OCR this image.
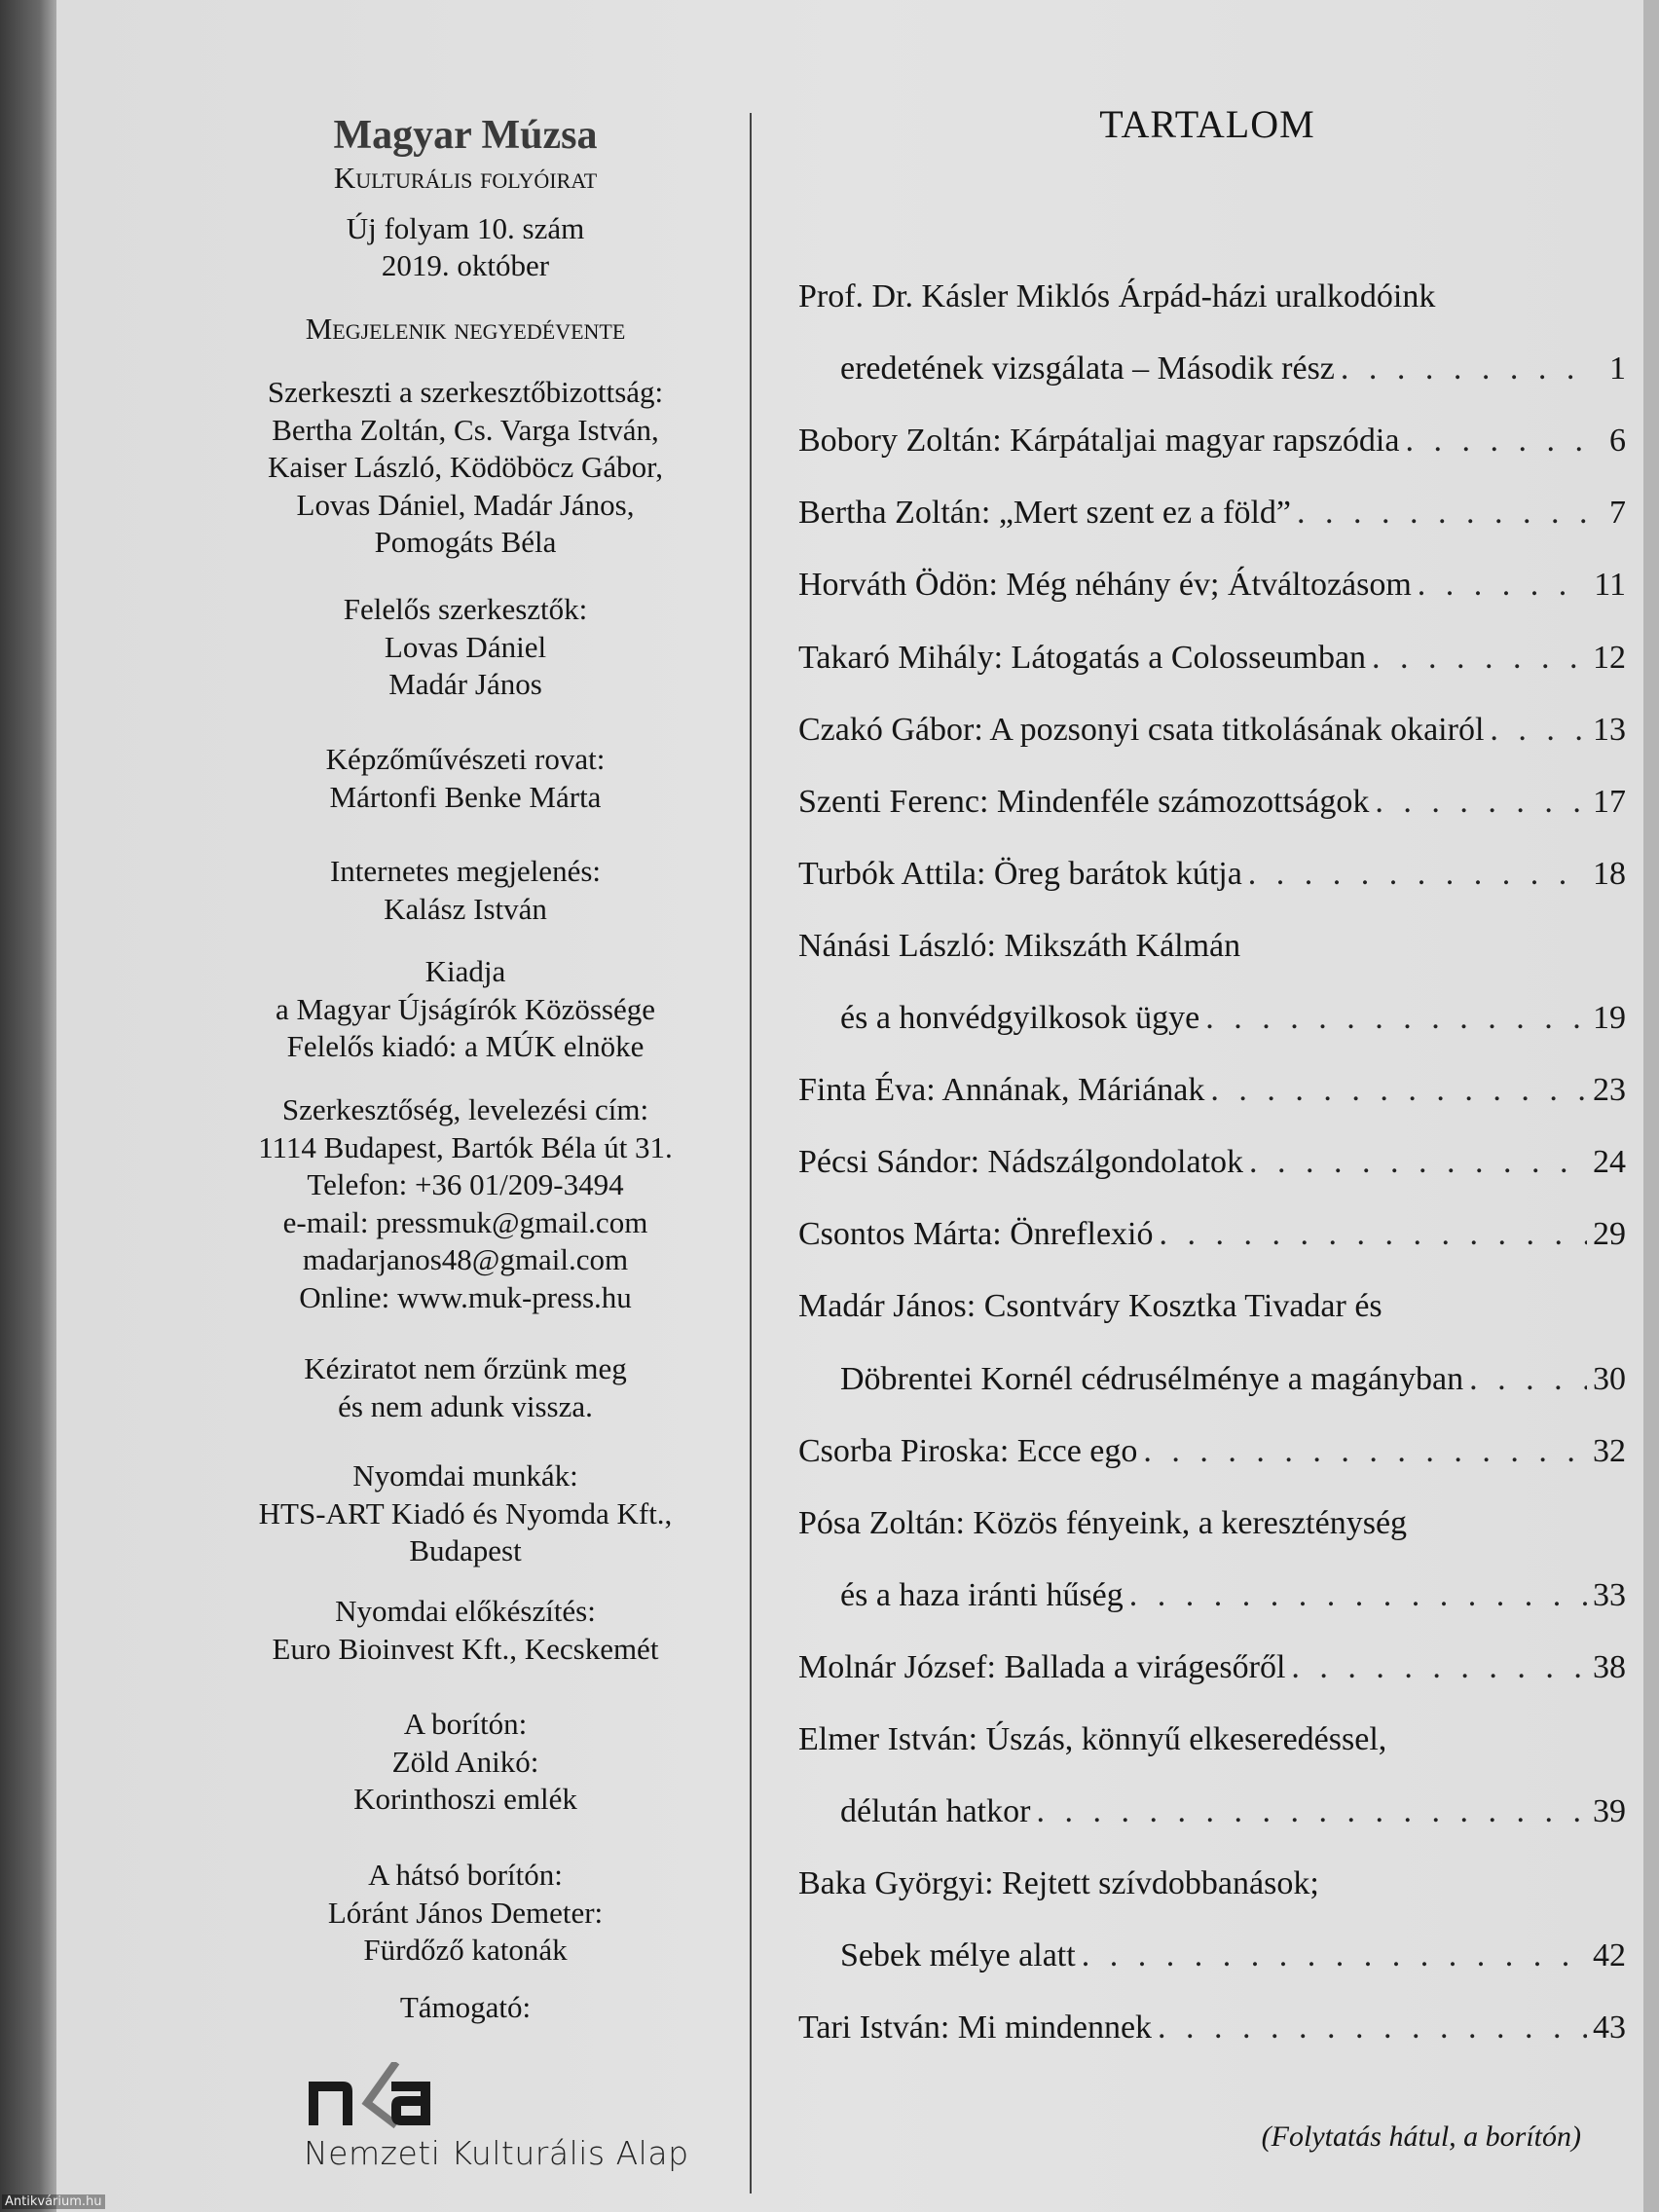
Magyar Múzsa
Kulturális folyóirat
Új folyam 10. szám
2019. október
Megjelenik negyedévente
Szerkeszti a szerkesztőbizottság:
Bertha Zoltán, Cs. Varga István,
Kaiser László, Ködöböcz Gábor,
Lovas Dániel, Madár János,
Pomogáts Béla
Felelős szerkesztők:
Lovas Dániel
Madár János
Képzőművészeti rovat:
Mártonfi Benke Márta
Internetes megjelenés:
Kalász István
Kiadja
a Magyar Újságírók Közössége
Felelős kiadó: a MÚK elnöke
Szerkesztőség, levelezési cím:
1114 Budapest, Bartók Béla út 31.
Telefon: +36 01/209-3494
e-mail: pressmuk@gmail.com
madarjanos48@gmail.com
Online: www.muk-press.hu
Kéziratot nem őrzünk meg
és nem adunk vissza.
Nyomdai munkák:
HTS-ART Kiadó és Nyomda Kft.,
Budapest
Nyomdai előkészítés:
Euro Bioinvest Kft., Kecskemét
A borítón:
Zöld Anikó:
Korinthoszi emlék
A hátsó borítón:
Lóránt János Demeter:
Fürdőző katonák
Támogató:
Nemzeti Kulturális Alap
TARTALOM
Prof. Dr. Kásler Miklós Árpád-házi uralkodóink
eredetének vizsgálata – Második rész . . .	1
Bobory Zoltán: Kárpátaljai magyar rapszódia . . .	6
Bertha Zoltán: „Mert szent ez a föld” . . .	7
Horváth Ödön: Még néhány év; Átváltozásom . . .	11
Takaró Mihály: Látogatás a Colosseumban . . .	12
Czakó Gábor: A pozsonyi csata titkolásának okairól . . .	13
Szenti Ferenc: Mindenféle számozottságok . . .	17
Turbók Attila: Öreg barátok kútja . . .	18
Nánási László: Mikszáth Kálmán
és a honvédgyilkosok ügye . . .	19
Finta Éva: Annának, Máriának . . .	23
Pécsi Sándor: Nádszálgondolatok . . .	24
Csontos Márta: Önreflexió . . .	29
Madár János: Csontváry Kosztka Tivadar és
Döbrentei Kornél cédrusélménye a magányban . . .	30
Csorba Piroska: Ecce ego . . .	32
Pósa Zoltán: Közös fényeink, a kereszténység
és a haza iránti hűség . . .	33
Molnár József: Ballada a virágesőről . . .	38
Elmer István: Úszás, könnyű elkeseredéssel,
délután hatkor . . .	39
Baka Györgyi: Rejtett szívdobbanások;
Sebek mélye alatt . . .	42
Tari István: Mi mindennek . . .	43
(Folytatás hátul, a borítón)
Antikvárium.hu
